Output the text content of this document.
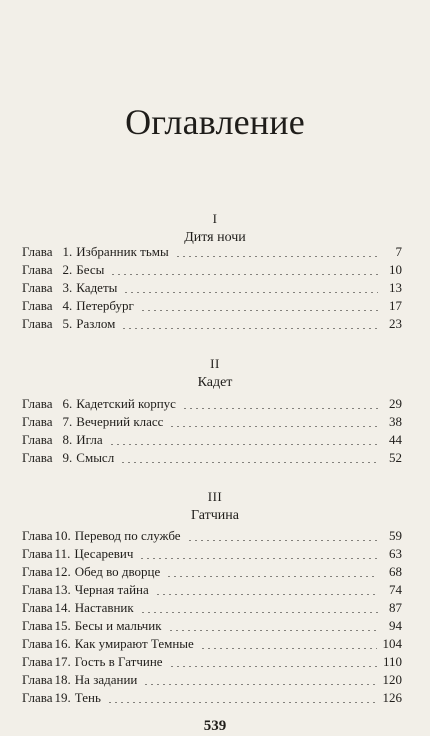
Оглавление
I
Дитя ночи
Глава 1. Избранник тьмы	7
Глава 2. Бесы	10
Глава 3. Кадеты	13
Глава 4. Петербург	17
Глава 5. Разлом	23
II
Кадет
Глава 6. Кадетский корпус	29
Глава 7. Вечерний класс	38
Глава 8. Игла	44
Глава 9. Смысл	52
III
Гатчина
Глава 10. Перевод по службе	59
Глава 11. Цесаревич	63
Глава 12. Обед во дворце	68
Глава 13. Черная тайна	74
Глава 14. Наставник	87
Глава 15. Бесы и мальчик	94
Глава 16. Как умирают Темные	104
Глава 17. Гость в Гатчине	110
Глава 18. На задании	120
Глава 19. Тень	126
539
